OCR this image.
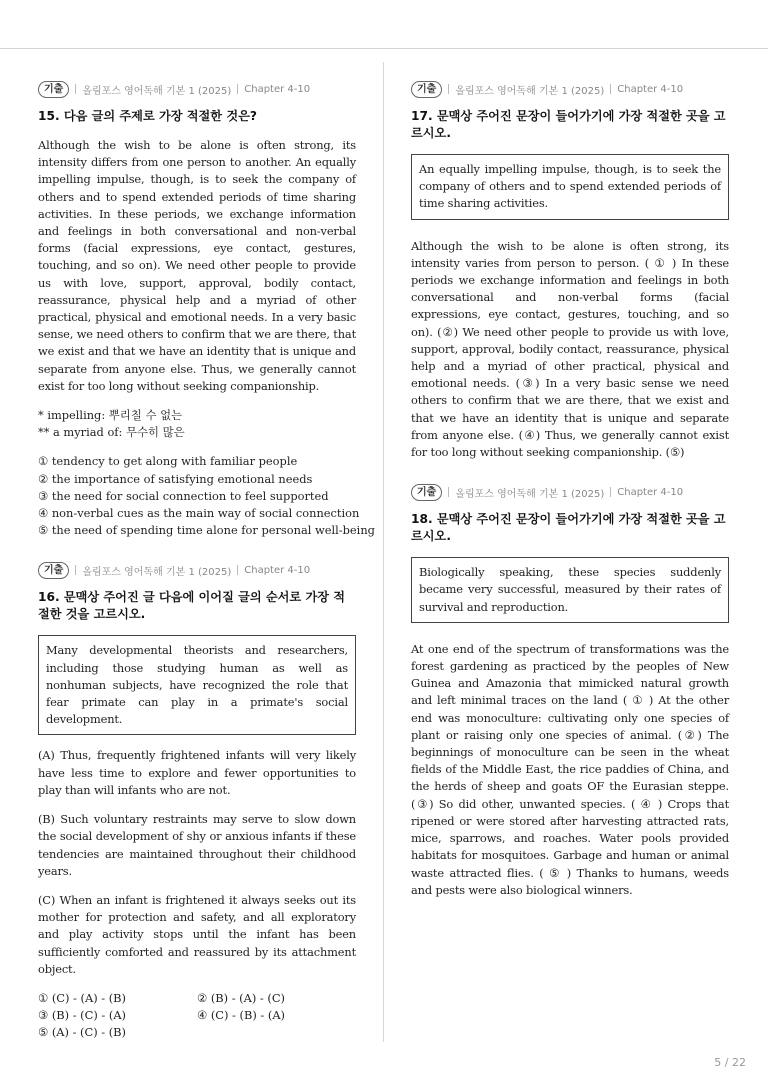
기출	올림포스 영어독해 기본 1 (2025) Chapter 4-10
15. 다음 글의 주제로 가장 적절한 것은?

Although the wish to be alone is often strong, its intensity differs from one person to another. An equally impelling impulse, though, is to seek the company of others and to spend extended periods of time sharing activities. In these periods, we exchange information and feelings in both conversational and non-verbal forms (facial expressions, eye contact, gestures, touching, and so on). We need other people to provide us with love, support, approval, bodily contact, reassurance, physical help and a myriad of other practical, physical and emotional needs. In a very basic sense, we need others to confirm that we are there, that we exist and that we have an identity that is unique and separate from anyone else. Thus, we generally cannot exist for too long without seeking companionship.

* impelling: 뿌리칠 수 없는
** a myriad of: 무수히 많은
① tendency to get along with familiar people
② the importance of satisfying emotional needs
③ the need for social connection to feel supported
④ non-verbal cues as the main way of social connection
⑤ the need of spending time alone for personal well-being
기출	올림포스 영어독해 기본 1 (2025) Chapter 4-10
16. 문맥상 주어진 글 다음에 이어질 글의 순서로 가장 적절한 것을 고르시오.
Many developmental theorists and researchers, including those studying human as well as nonhuman subjects, have recognized the role that fear primate can play in a primate's social development.

(A) Thus, frequently frightened infants will very likely have less time to explore and fewer opportunities to play than will infants who are not.

(B) Such voluntary restraints may serve to slow down the social development of shy or anxious infants if these tendencies are maintained throughout their childhood years.

(C) When an infant is frightened it always seeks out its mother for protection and safety, and all exploratory and play activity stops until the infant has been sufficiently comforted and reassured by its attachment object.

① (C) - (A) - (B)	② (B) - (A) - (C)
③ (B) - (C) - (A)	④ (C) - (B) - (A)
⑤ (A) - (C) - (B)
기출	올림포스 영어독해 기본 1 (2025) Chapter 4-10
17. 문맥상 주어진 문장이 들어가기에 가장 적절한 곳을 고르시오.
An equally impelling impulse, though, is to seek the company of others and to spend extended periods of time sharing activities.

Although the wish to be alone is often strong, its intensity varies from person to person. ( ① ) In these periods we exchange information and feelings in both conversational and non-verbal forms (facial expressions, eye contact, gestures, touching, and so on). (②) We need other people to provide us with love, support, approval, bodily contact, reassurance, physical help and a myriad of other practical, physical and emotional needs. (③) In a very basic sense we need others to confirm that we are there, that we exist and that we have an identity that is unique and separate from anyone else. (④) Thus, we generally cannot exist for too long without seeking companionship. (⑤)

기출	올림포스 영어독해 기본 1 (2025) Chapter 4-10
18. 문맥상 주어진 문장이 들어가기에 가장 적절한 곳을 고르시오.
Biologically speaking, these species suddenly became very successful, measured by their rates of survival and reproduction.

At one end of the spectrum of transformations was the forest gardening as practiced by the peoples of New Guinea and Amazonia that mimicked natural growth and left minimal traces on the land ( ① ) At the other end was monoculture: cultivating only one species of plant or raising only one species of animal. (②) The beginnings of monoculture can be seen in the wheat fields of the Middle East, the rice paddies of China, and the herds of sheep and goats OF the Eurasian steppe. (③) So did other, unwanted species. ( ④ ) Crops that ripened or were stored after harvesting attracted rats, mice, sparrows, and roaches. Water pools provided habitats for mosquitoes. Garbage and human or animal waste attracted flies. ( ⑤ ) Thanks to humans, weeds and pests were also biological winners.

5 / 22
